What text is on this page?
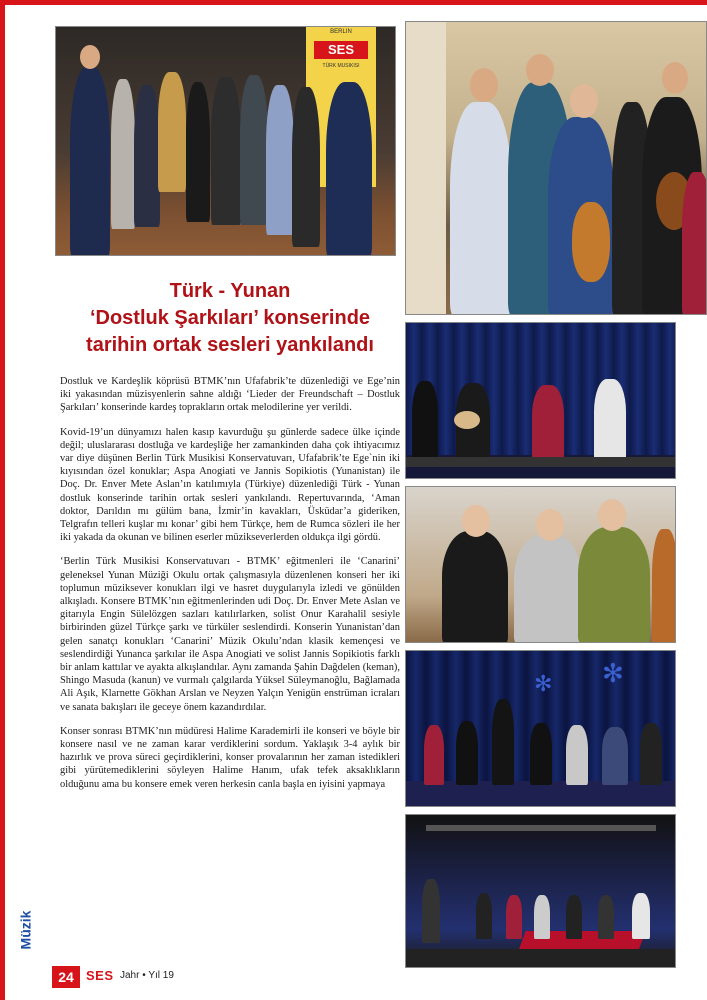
SES
BERLIN
TÜRK MUSIKISI
Türk - Yunan
‘Dostluk Şarkıları’ konserinde
tarihin ortak sesleri yankılandı

Dostluk ve Kardeşlik köprüsü BTMK’nın Ufafabrik’te düzenlediği ve Ege’nin iki yakasından müzisyenlerin sahne aldığı ‘Lieder der Freundschaft – Dostluk Şarkıları’ konserinde kardeş toprakların ortak melodilerine yer verildi.

Kovid-19’un dünyamızı halen kasıp kavurduğu şu günlerde sadece ülke içinde değil; uluslararası dostluğa ve kardeşliğe her zamankinden daha çok ihtiyacımız var diye düşünen Berlin Türk Musikisi Konservatuvarı, Ufafabrik’te Ege`nin iki kıyısından özel konuklar; Aspa Anogiati ve Jannis Sopikiotis (Yunanistan) ile Doç. Dr. Enver Mete Aslan’ın katılımıyla (Türkiye) düzenlediği Türk - Yunan dostluk konserinde tarihin ortak sesleri yankılandı. Repertuvarında, ‘Aman doktor, Darıldın mı gülüm bana, İzmir’in kavakları, Üsküdar’a gideriken, Telgrafın telleri kuşlar mı konar’ gibi hem Türkçe, hem de Rumca sözleri ile her iki yakada da okunan ve bilinen eserler müzikseverlerden oldukça ilgi gördü.

‘Berlin Türk Musikisi Konservatuvarı - BTMK’ eğitmenleri ile ‘Canarini’ geleneksel Yunan Müziği Okulu ortak çalışmasıyla düzenlenen konseri her iki toplumun müziksever konukları ilgi ve hasret duygularıyla izledi ve gönülden alkışladı. Konsere BTMK’nın eğitmenlerinden udi Doç. Dr. Enver Mete Aslan ve gitarıyla Engin Sülelözgen sazları katılırlarken, solist Onur Karahalil sesiyle birbirinden güzel Türkçe şarkı ve türküler seslendirdi. Konserin Yunanistan’dan gelen sanatçı konukları ‘Canarini’ Müzik Okulu’ndan klasik kemençesi ve seslendirdiği Yunanca şarkılar ile Aspa Anogiati ve solist Jannis Sopikiotis farklı bir anlam kattılar ve ayakta alkışlandılar. Aynı zamanda Şahin Dağdelen (keman), Shingo Masuda (kanun) ve vurmalı çalgılarda Yüksel Süleymanoğlu, Bağlamada Ali Aşık, Klarnette Gökhan Arslan ve Neyzen Yalçın Yenigün enstrüman icraları ve sanata bakışları ile geceye önem kazandırdılar.

Konser sonrası BTMK’nın müdüresi Halime Karademirli ile konseri ve böyle bir konsere nasıl ve ne zaman karar verdiklerini sordum. Yaklaşık 3-4 aylık bir hazırlık ve prova süreci geçirdiklerini, konser provalarının her zaman istedikleri gibi yürütemediklerini söyleyen Halime Hanım, ufak tefek aksaklıkların olduğunu ama bu konsere emek veren herkesin canla başla en iyisini yapmaya

✻ ✻
Müzik
24 SES Jahr • Yıl 19
